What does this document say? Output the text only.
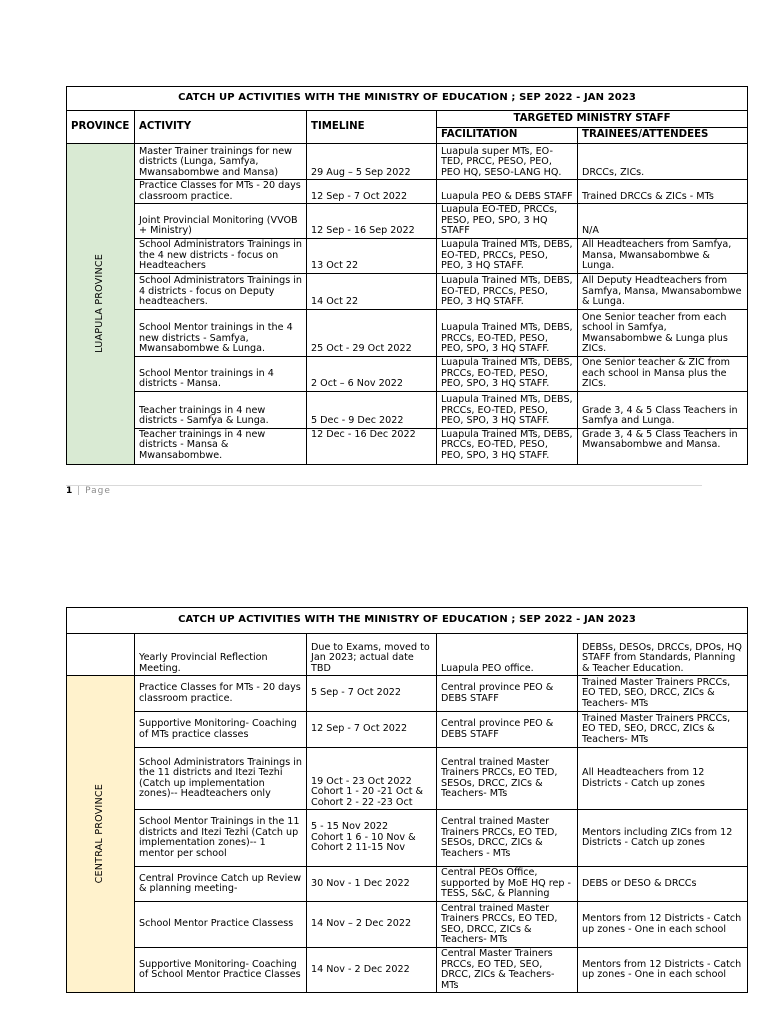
CATCH UP ACTIVITIES WITH THE MINISTRY OF EDUCATION ; SEP 2022 - JAN 2023				
PROVINCE	ACTIVITY	TIMELINE	TARGETED MINISTRY STAFF	
			FACILITATION	TRAINEES/ATTENDEES

LUAPULA PROVINCE	Master Trainer trainings for new districts (Lunga, Samfya, Mwansabombwe and Mansa)	29 Aug – 5 Sep 2022	Luapula super MTs, EO-TED, PRCC, PESO, PEO, PEO HQ, SESO-LANG HQ.	DRCCs, ZICs.
	Practice Classes for MTs - 20 days classroom practice.	12 Sep - 7 Oct 2022	Luapula PEO & DEBS STAFF	Trained DRCCs & ZICs - MTs
	Joint Provincial Monitoring (VVOB + Ministry)	12 Sep - 16 Sep 2022	Luapula EO-TED, PRCCs, PESO, PEO, SPO, 3 HQ STAFF	N/A
	School Administrators Trainings in the 4 new districts - focus on Headteachers	13 Oct 22	Luapula Trained MTs, DEBS, EO-TED, PRCCs, PESO, PEO, 3 HQ STAFF.	All Headteachers from Samfya, Mansa, Mwansabombwe & Lunga.
	School Administrators Trainings in 4 districts - focus on Deputy headteachers.	14 Oct 22	Luapula Trained MTs, DEBS, EO-TED, PRCCs, PESO, PEO, 3 HQ STAFF.	All Deputy Headteachers from Samfya, Mansa, Mwansabombwe & Lunga.
	School Mentor trainings in the 4 new districts - Samfya, Mwansabombwe & Lunga.	25 Oct - 29 Oct 2022	Luapula Trained MTs, DEBS, PRCCs, EO-TED, PESO, PEO, SPO, 3 HQ STAFF.	One Senior teacher from each school in Samfya, Mwansabombwe & Lunga plus ZICs.
	School Mentor trainings in 4 districts - Mansa.	2 Oct – 6 Nov 2022	Luapula Trained MTs, DEBS, PRCCs, EO-TED, PESO, PEO, SPO, 3 HQ STAFF.	One Senior teacher & ZIC from each school in Mansa plus the ZICs.
	Teacher trainings in 4 new districts - Samfya & Lunga.	5 Dec - 9 Dec 2022	Luapula Trained MTs, DEBS, PRCCs, EO-TED, PESO, PEO, SPO, 3 HQ STAFF.	Grade 3, 4 & 5 Class Teachers in Samfya and Lunga.
	Teacher trainings in 4 new districts - Mansa & Mwansabombwe.	12 Dec - 16 Dec 2022	Luapula Trained MTs, DEBS, PRCCs, EO-TED, PESO, PEO, SPO, 3 HQ STAFF.	Grade 3, 4 & 5 Class Teachers in Mwansabombwe and Mansa.
1 | Page
CATCH UP ACTIVITIES WITH THE MINISTRY OF EDUCATION ; SEP 2022 - JAN 2023				
	Yearly Provincial Reflection Meeting.	Due to Exams, moved to Jan 2023; actual date TBD	Luapula PEO office.	DEBSs, DESOs, DRCCs, DPOs, HQ STAFF from Standards, Planning & Teacher Education.

CENTRAL PROVINCE	Practice Classes for MTs - 20 days classroom practice.	5 Sep - 7 Oct 2022	Central province PEO & DEBS STAFF	Trained Master Trainers PRCCs, EO TED, SEO, DRCC, ZICs & Teachers- MTs
	Supportive Monitoring- Coaching of MTs practice classes	12 Sep - 7 Oct 2022	Central province PEO & DEBS STAFF	Trained Master Trainers PRCCs, EO TED, SEO, DRCC, ZICs & Teachers- MTs
	School Administrators Trainings in the 11 districts and Itezi Tezhi (Catch up implementation zones)-- Headteachers only	19 Oct - 23 Oct 2022
Cohort 1 - 20 -21 Oct &
Cohort 2 - 22 -23 Oct	Central trained Master Trainers PRCCs, EO TED, SESOs, DRCC, ZICs & Teachers- MTs	All Headteachers from 12 Districts - Catch up zones
	School Mentor Trainings in the 11 districts and Itezi Tezhi (Catch up implementation zones)-- 1 mentor per school	5 - 15 Nov 2022
Cohort 1 6 - 10 Nov &
Cohort 2 11-15 Nov	Central trained Master Trainers PRCCs, EO TED, SESOs, DRCC, ZICs & Teachers - MTs	Mentors including ZICs from 12 Districts - Catch up zones
	Central Province Catch up Review & planning meeting-	30 Nov - 1 Dec 2022	Central PEOs Office, supported by MoE HQ rep - TESS, S&C, & Planning	DEBS or DESO & DRCCs
	School Mentor Practice Classess	14 Nov – 2 Dec 2022	Central trained Master Trainers PRCCs, EO TED, SEO, DRCC, ZICs & Teachers- MTs	Mentors from 12 Districts - Catch up zones - One in each school
	Supportive Monitoring- Coaching of School Mentor Practice Classes	14 Nov - 2 Dec 2022	Central Master Trainers PRCCs, EO TED, SEO, DRCC, ZICs & Teachers- MTs	Mentors from 12 Districts - Catch up zones - One in each school
